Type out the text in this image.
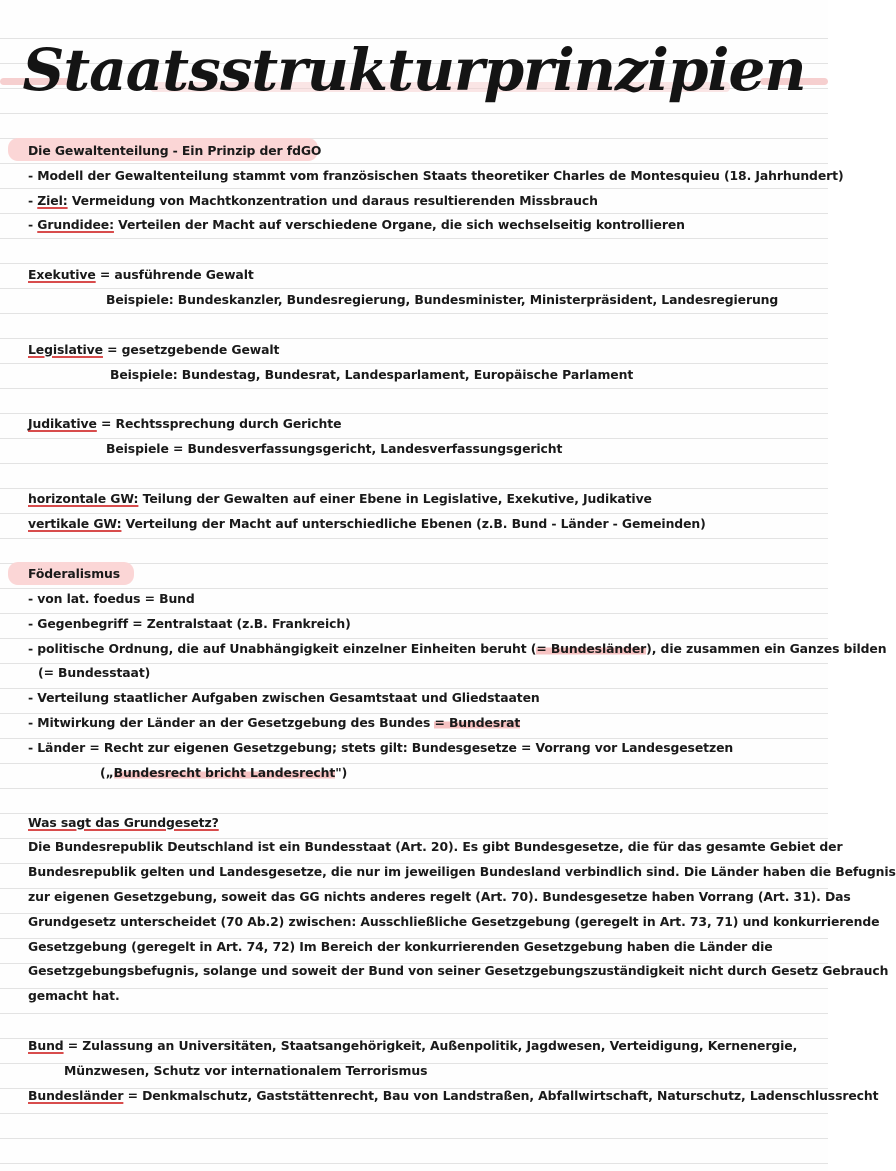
Staatsstrukturprinzipien
Die Gewaltenteilung - Ein Prinzip der fdGO
- Modell der Gewaltenteilung stammt vom französischen Staats theoretiker Charles de Montesquieu (18. Jahrhundert)
- Ziel: Vermeidung von Machtkonzentration und daraus resultierenden Missbrauch
- Grundidee: Verteilen der Macht auf verschiedene Organe, die sich wechselseitig kontrollieren
Exekutive = ausführende Gewalt
Beispiele: Bundeskanzler, Bundesregierung, Bundesminister, Ministerpräsident, Landesregierung
Legislative = gesetzgebende Gewalt
Beispiele: Bundestag, Bundesrat, Landesparlament, Europäische Parlament
Judikative = Rechtssprechung durch Gerichte
Beispiele = Bundesverfassungsgericht, Landesverfassungsgericht
horizontale GW: Teilung der Gewalten auf einer Ebene in Legislative, Exekutive, Judikative
vertikale GW: Verteilung der Macht auf unterschiedliche Ebenen (z.B. Bund - Länder - Gemeinden)
Föderalismus
- von lat. foedus = Bund
- Gegenbegriff = Zentralstaat (z.B. Frankreich)
- politische Ordnung, die auf Unabhängigkeit einzelner Einheiten beruht (= Bundesländer), die zusammen ein Ganzes bilden
(= Bundesstaat)
- Verteilung staatlicher Aufgaben zwischen Gesamtstaat und Gliedstaaten
- Mitwirkung der Länder an der Gesetzgebung des Bundes = Bundesrat
- Länder = Recht zur eigenen Gesetzgebung; stets gilt: Bundesgesetze = Vorrang vor Landesgesetzen
(„Bundesrecht bricht Landesrecht")
Was sagt das Grundgesetz?
Die Bundesrepublik Deutschland ist ein Bundesstaat (Art. 20). Es gibt Bundesgesetze, die für das gesamte Gebiet der
Bundesrepublik gelten und Landesgesetze, die nur im jeweiligen Bundesland verbindlich sind. Die Länder haben die Befugnis
zur eigenen Gesetzgebung, soweit das GG nichts anderes regelt (Art. 70). Bundesgesetze haben Vorrang (Art. 31). Das
Grundgesetz unterscheidet (70 Ab.2) zwischen: Ausschließliche Gesetzgebung (geregelt in Art. 73, 71) und konkurrierende
Gesetzgebung (geregelt in Art. 74, 72) Im Bereich der konkurrierenden Gesetzgebung haben die Länder die
Gesetzgebungsbefugnis, solange und soweit der Bund von seiner Gesetzgebungszuständigkeit nicht durch Gesetz Gebrauch
gemacht hat.
Bund = Zulassung an Universitäten, Staatsangehörigkeit, Außenpolitik, Jagdwesen, Verteidigung, Kernenergie,
Münzwesen, Schutz vor internationalem Terrorismus
Bundesländer = Denkmalschutz, Gaststättenrecht, Bau von Landstraßen, Abfallwirtschaft, Naturschutz, Ladenschlussrecht
